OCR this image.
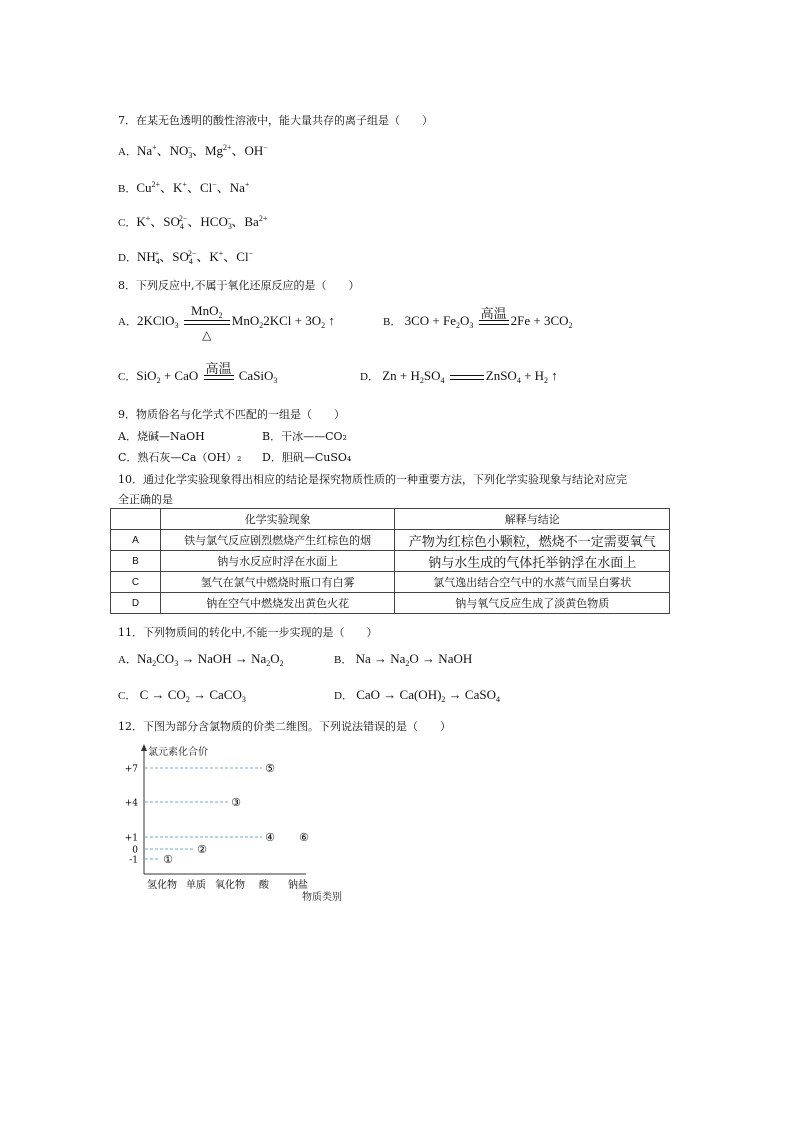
7．在某无色透明的酸性溶液中，能大量共存的离子组是（　　）
A．Na+、$NO_3^-$、$Mg^{2+}$、OH−
B．$Cu^{2+}$、K+、Cl−、Na+
C．K+、$SO_4^{2-}$、$HCO_3^-$、$Ba^{2+}$
D．$NH_4^+$、$SO_4^{2-}$、K+、Cl−
8．下列反应中,不属于氧化还原反应的是（　　）
A．2KClO$_3$
MnO$_2$
△
$MnO_22KCl + 3O_2$ ↑	B． $3CO + Fe_2O_3$
高温 $2Fe + 3CO_2$
C．SiO$_2$ + CaO 高温 CaSiO$_3$	D． $Zn + H_2SO_4$	ZnSO$_4$ + $H_2$ ↑
9．物质俗名与化学式不匹配的一组是（　　）
A．烧碱—NaOH	B．干冰——CO₂
C．熟石灰—Ca（OH）₂ D．胆矾—CuSO₄
10．通过化学实验现象得出相应的结论是探究物质性质的一种重要方法，下列化学实验现象与结论对应完
全正确的是
	化学实验现象	解释与结论
A	铁与氯气反应剧烈燃烧产生红棕色的烟	产物为红棕色小颗粒，燃烧不一定需要氧气
B	钠与水反应时浮在水面上	钠与水生成的气体托举钠浮在水面上
C	氢气在氯气中燃烧时瓶口有白雾	氯气逸出结合空气中的水蒸气而呈白雾状
D	钠在空气中燃烧发出黄色火花	钠与氧气反应生成了淡黄色物质
11．下列物质间的转化中,不能一步实现的是（　　）
A．$Na_2CO_3$ → NaOH → $Na_2O_2$	B． $Na \to Na_2O$ → NaOH
C． $C \to CO_2$ → CaCO$_3$	D． CaO → $Ca(OH)_2$ → CaSO$_4$
12．下图为部分含氯物质的价类二维图。下列说法错误的是（　　）
氯元素化合价
物质类别
+7
+4
+1
0
-1
氢化物 单质 氧化物 酸 钠盐
①
②
③
④
⑤
⑥
